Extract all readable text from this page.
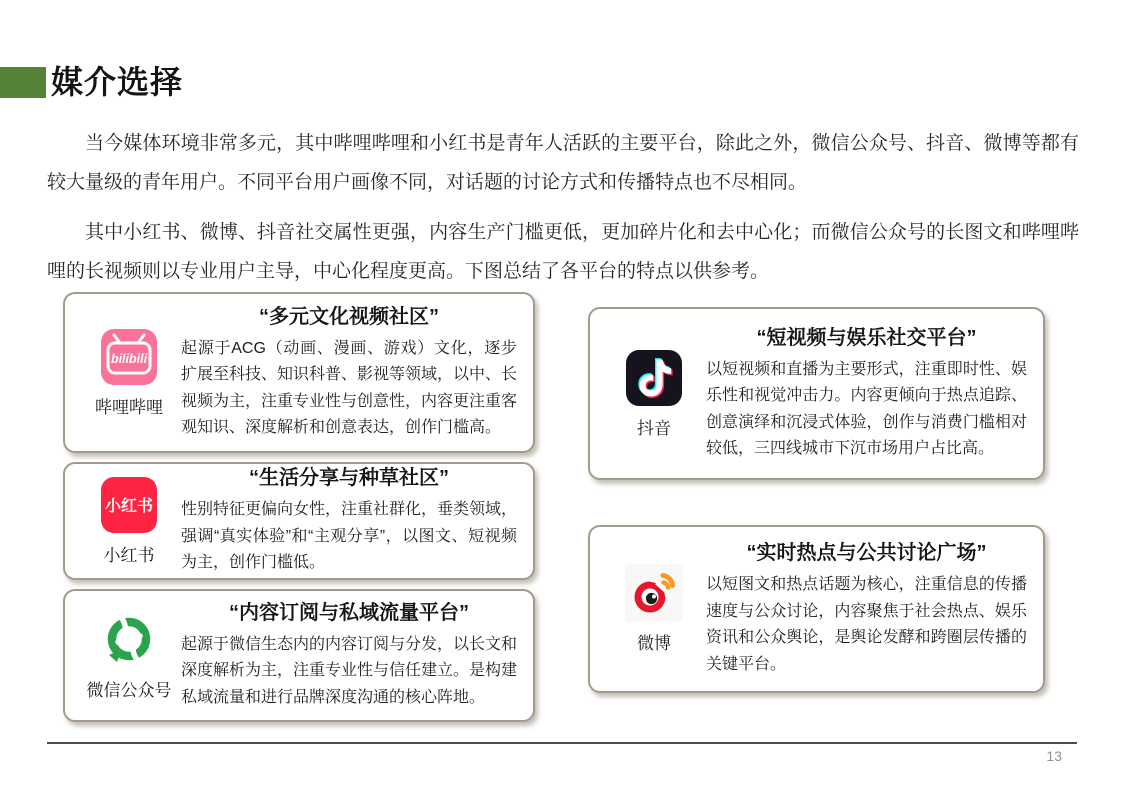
媒介选择

当今媒体环境非常多元，其中哔哩哔哩和小红书是青年人活跃的主要平台，除此之外，微信公众号、抖音、微博等都有较大量级的青年用户。不同平台用户画像不同，对话题的讨论方式和传播特点也不尽相同。

其中小红书、微博、抖音社交属性更强，内容生产门槛更低，更加碎片化和去中心化；而微信公众号的长图文和哔哩哔哩的长视频则以专业用户主导，中心化程度更高。下图总结了各平台的特点以供参考。

bilibili
哔哩哔哩
“多元文化视频社区”

起源于ACG（动画、漫画、游戏）文化，逐步扩展至科技、知识科普、影视等领域，以中、长视频为主，注重专业性与创意性，内容更注重客观知识、深度解析和创意表达，创作门槛高。

小红书
小红书
“生活分享与种草社区”

性别特征更偏向女性，注重社群化，垂类领域，强调“真实体验”和“主观分享”，以图文、短视频为主，创作门槛低。

微信公众号
“内容订阅与私域流量平台”

起源于微信生态内的内容订阅与分发，以长文和深度解析为主，注重专业性与信任建立。是构建私域流量和进行品牌深度沟通的核心阵地。

抖音
“短视频与娱乐社交平台”

以短视频和直播为主要形式，注重即时性、娱乐性和视觉冲击力。内容更倾向于热点追踪、创意演绎和沉浸式体验，创作与消费门槛相对较低，三四线城市下沉市场用户占比高。

微博
“实时热点与公共讨论广场”

以短图文和热点话题为核心，注重信息的传播速度与公众讨论，内容聚焦于社会热点、娱乐资讯和公众舆论，是舆论发酵和跨圈层传播的关键平台。

13
